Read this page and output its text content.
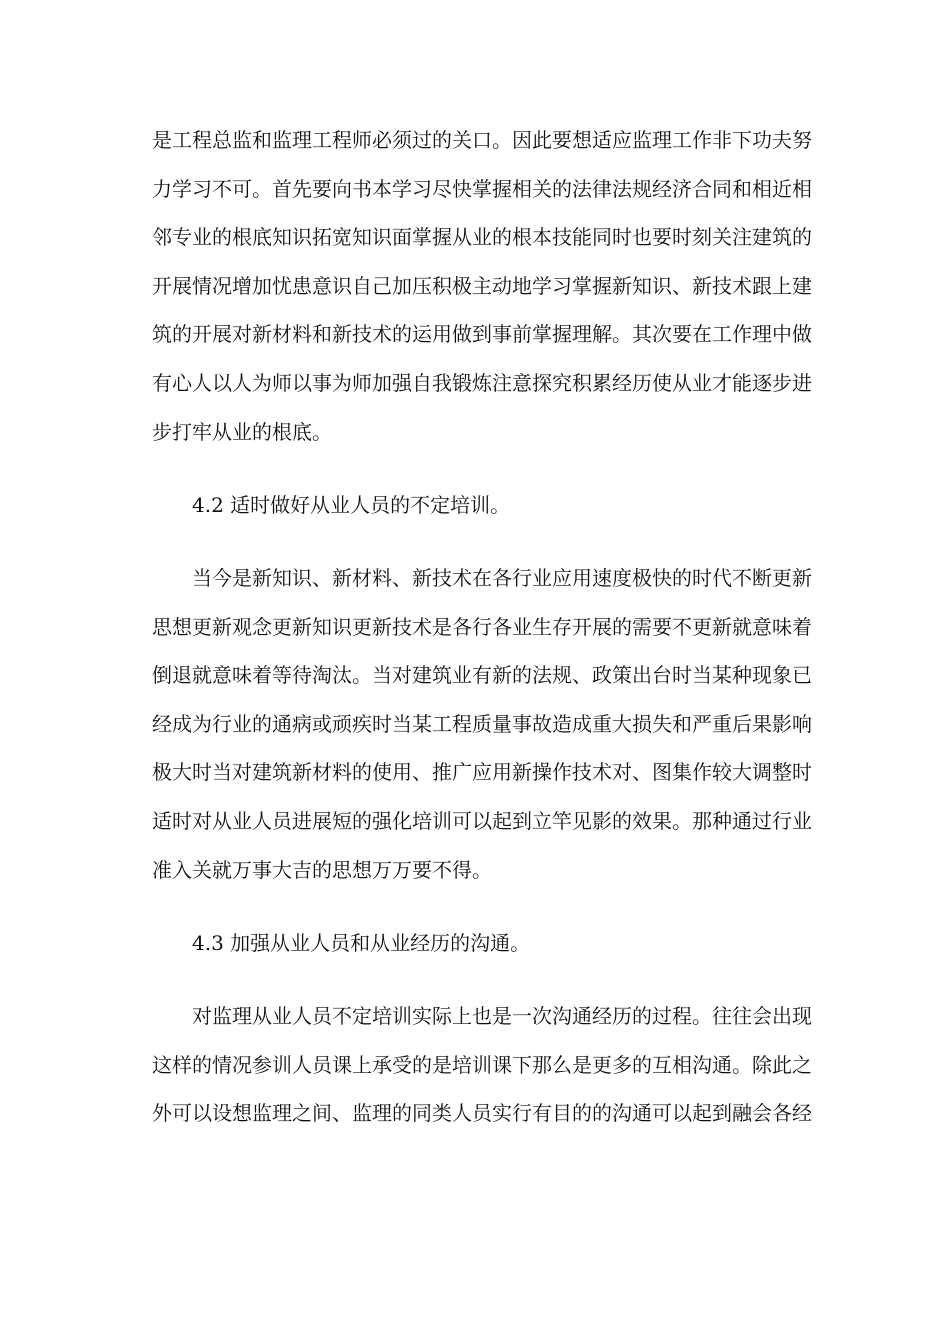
是工程总监和监理工程师必须过的关口。因此要想适应监理工作非下功夫努
力学习不可。首先要向书本学习尽快掌握相关的法律法规经济合同和相近相
邻专业的根底知识拓宽知识面掌握从业的根本技能同时也要时刻关注建筑的
开展情况增加忧患意识自己加压积极主动地学习掌握新知识、新技术跟上建
筑的开展对新材料和新技术的运用做到事前掌握理解。其次要在工作理中做
有心人以人为师以事为师加强自我锻炼注意探究积累经历使从业才能逐步进
步打牢从业的根底。
4.2 适时做好从业人员的不定培训。
当今是新知识、新材料、新技术在各行业应用速度极快的时代不断更新
思想更新观念更新知识更新技术是各行各业生存开展的需要不更新就意味着
倒退就意味着等待淘汰。当对建筑业有新的法规、政策出台时当某种现象已
经成为行业的通病或顽疾时当某工程质量事故造成重大损失和严重后果影响
极大时当对建筑新材料的使用、推广应用新操作技术对、图集作较大调整时
适时对从业人员进展短的强化培训可以起到立竿见影的效果。那种通过行业
准入关就万事大吉的思想万万要不得。
4.3 加强从业人员和从业经历的沟通。
对监理从业人员不定培训实际上也是一次沟通经历的过程。往往会出现
这样的情况参训人员课上承受的是培训课下那么是更多的互相沟通。除此之
外可以设想监理之间、监理的同类人员实行有目的的沟通可以起到融会各经
